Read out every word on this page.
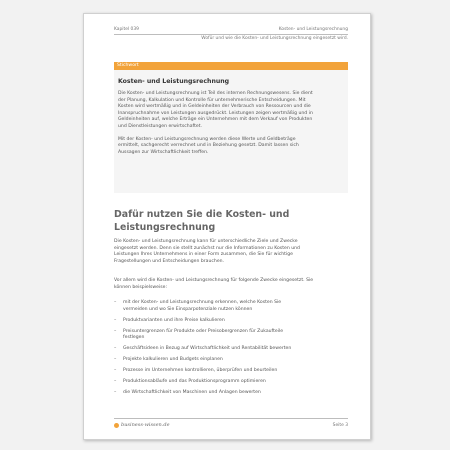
Kapitel 039	Kosten- und Leistungsrechnung
Wofür und wie die Kosten- und Leistungsrechnung eingesetzt wird.
Stichwort
Kosten- und Leistungsrechnung
Die Kosten- und Leistungsrechnung ist Teil des internen Rechnungswesens. Sie dient
der Planung, Kalkulation und Kontrolle für unternehmerische Entscheidungen. Mit
Kosten wird wertmäßig und in Geldeinheiten der Verbrauch von Ressourcen und die
Inanspruchnahme von Leistungen ausgedrückt. Leistungen zeigen wertmäßig und in
Geldeinheiten auf, welche Erträge ein Unternehmen mit dem Verkauf von Produkten
und Dienstleistungen erwirtschaftet.
Mit der Kosten- und Leistungsrechnung werden diese Werte und Geldbeträge
ermittelt, sachgerecht verrechnet und in Beziehung gesetzt. Damit lassen sich
Aussagen zur Wirtschaftlichkeit treffen.
Dafür nutzen Sie die Kosten- und Leistungsrechnung
Die Kosten- und Leistungsrechnung kann für unterschiedliche Ziele und Zwecke
eingesetzt werden. Denn sie stellt zunächst nur die Informationen zu Kosten und
Leistungen Ihres Unternehmens in einer Form zusammen, die Sie für wichtige
Fragestellungen und Entscheidungen brauchen.
Vor allem wird die Kosten- und Leistungsrechnung für folgende Zwecke eingesetzt. Sie
können beispielsweise:
– mit der Kosten- und Leistungsrechnung erkennen, welche Kosten Sie
vermeiden und wo Sie Einsparpotenziale nutzen können
– Produktvarianten und ihre Preise kalkulieren
– Preisuntergrenzen für Produkte oder Preisobergrenzen für Zukaufteile
festlegen
– Geschäftsideen in Bezug auf Wirtschaftlichkeit und Rentabilität bewerten
– Projekte kalkulieren und Budgets einplanen
– Prozesse im Unternehmen kontrollieren, überprüfen und beurteilen
– Produktionsabläufe und das Produktionsprogramm optimieren
– die Wirtschaftlichkeit von Maschinen und Anlagen bewerten
business-wissen.de	Seite 3
